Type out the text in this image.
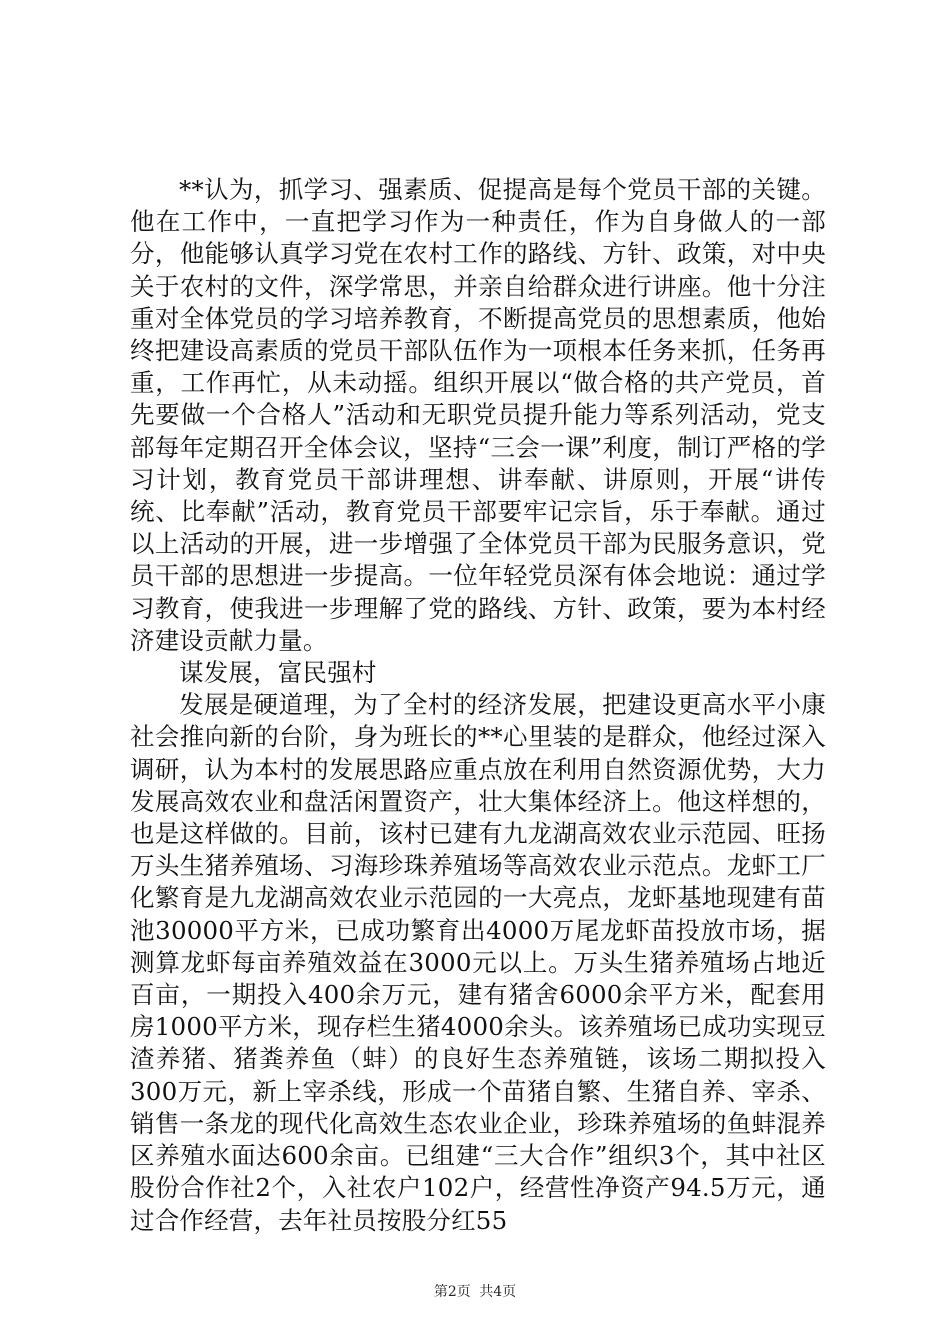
**认为，抓学习、强素质、促提高是每个党员干部的关键。他在工作中，一直把学习作为一种责任，作为自身做人的一部分，他能够认真学习党在农村工作的路线、方针、政策，对中央关于农村的文件，深学常思，并亲自给群众进行讲座。他十分注重对全体党员的学习培养教育，不断提高党员的思想素质，他始终把建设高素质的党员干部队伍作为一项根本任务来抓，任务再重，工作再忙，从未动摇。组织开展以“做合格的共产党员，首先要做一个合格人”活动和无职党员提升能力等系列活动，党支部每年定期召开全体会议，坚持“三会一课”利度，制订严格的学习计划，教育党员干部讲理想、讲奉献、讲原则，开展“讲传统、比奉献”活动，教育党员干部要牢记宗旨，乐于奉献。通过以上活动的开展，进一步增强了全体党员干部为民服务意识，党员干部的思想进一步提高。一位年轻党员深有体会地说：通过学习教育，使我进一步理解了党的路线、方针、政策，要为本村经济建设贡献力量。

谋发展，富民强村

发展是硬道理，为了全村的经济发展，把建设更高水平小康社会推向新的台阶，身为班长的**心里装的是群众，他经过深入调研，认为本村的发展思路应重点放在利用自然资源优势，大力发展高效农业和盘活闲置资产，壮大集体经济上。他这样想的，也是这样做的。目前，该村已建有九龙湖高效农业示范园、旺扬万头生猪养殖场、习海珍珠养殖场等高效农业示范点。龙虾工厂化繁育是九龙湖高效农业示范园的一大亮点，龙虾基地现建有苗池30000平方米，已成功繁育出4000万尾龙虾苗投放市场，据测算龙虾每亩养殖效益在3000元以上。万头生猪养殖场占地近百亩，一期投入400余万元，建有猪舍6000余平方米，配套用房1000平方米，现存栏生猪4000余头。该养殖场已成功实现豆渣养猪、猪粪养鱼（蚌）的良好生态养殖链，该场二期拟投入300万元，新上宰杀线，形成一个苗猪自繁、生猪自养、宰杀、销售一条龙的现代化高效生态农业企业，珍珠养殖场的鱼蚌混养区养殖水面达600余亩。已组建“三大合作”组织3个，其中社区股份合作社2个，入社农户102户，经营性净资产94.5万元，通过合作经营，去年社员按股分红55

第2页 共4页
